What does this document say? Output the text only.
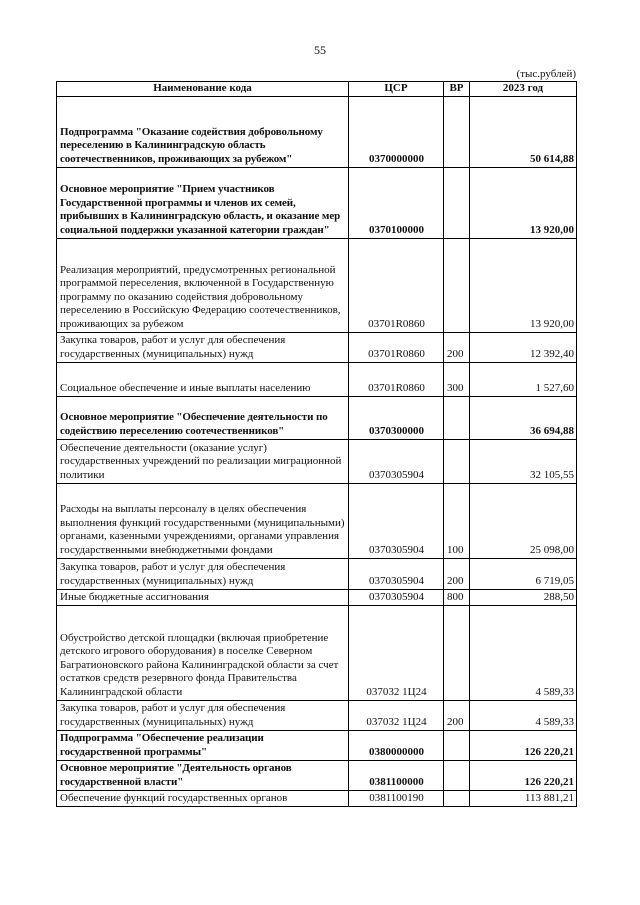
55
(тыс.рублей)
Наименование кода	ЦСР	ВР	2023 год
Подпрограмма "Оказание содействия добровольному переселению в Калининградскую область соотечественников, проживающих за рубежом"	0370000000		50 614,88
Основное мероприятие "Прием участников Государственной программы и членов их семей, прибывших в Калининградскую область, и оказание мер социальной поддержки указанной категории граждан"	0370100000		13 920,00
Реализация мероприятий, предусмотренных региональной программой переселения, включенной в Государственную программу по оказанию содействия добровольному переселению в Российскую Федерацию соотечественников, проживающих за рубежом	03701R0860		13 920,00
Закупка товаров, работ и услуг для обеспечения государственных (муниципальных) нужд	03701R0860	200	12 392,40
Социальное обеспечение и иные выплаты населению	03701R0860	300	1 527,60
Основное мероприятие "Обеспечение деятельности по содействию переселению соотечественников"	0370300000		36 694,88
Обеспечение деятельности (оказание услуг) государственных учреждений по реализации миграционной политики	0370305904		32 105,55
Расходы на выплаты персоналу в целях обеспечения выполнения функций государственными (муниципальными) органами, казенными учреждениями, органами управления государственными внебюджетными фондами	0370305904	100	25 098,00
Закупка товаров, работ и услуг для обеспечения государственных (муниципальных) нужд	0370305904	200	6 719,05
Иные бюджетные ассигнования	0370305904	800	288,50
Обустройство детской площадки (включая приобретение детского игрового оборудования) в поселке Северном Багратионовского района Калининградской области за счет остатков средств резервного фонда Правительства Калининградской области	037032 1Ц24		4 589,33
Закупка товаров, работ и услуг для обеспечения государственных (муниципальных) нужд	037032 1Ц24	200	4 589,33
Подпрограмма "Обеспечение реализации государственной программы"	0380000000		126 220,21
Основное мероприятие "Деятельность органов государственной власти"	0381100000		126 220,21
Обеспечение функций государственных органов	0381100190		113 881,21
